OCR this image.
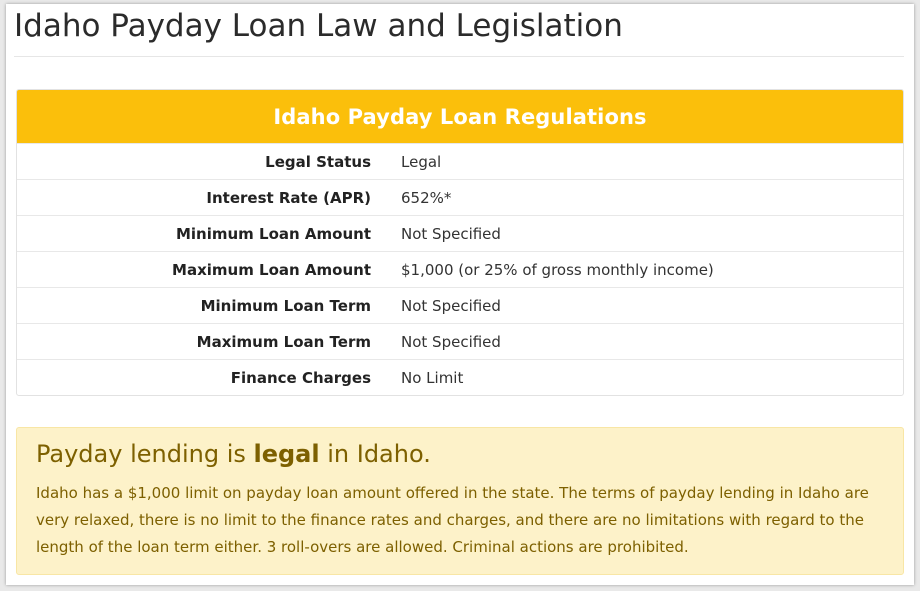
Idaho Payday Loan Law and Legislation
Idaho Payday Loan Regulations
Legal Status	Legal
Interest Rate (APR)	652%*
Minimum Loan Amount	Not Specified
Maximum Loan Amount	$1,000 (or 25% of gross monthly income)
Minimum Loan Term	Not Specified
Maximum Loan Term	Not Specified
Finance Charges	No Limit
Payday lending is legal in Idaho.

Idaho has a $1,000 limit on payday loan amount offered in the state. The terms of payday lending in Idaho are very relaxed, there is no limit to the finance rates and charges, and there are no limitations with regard to the length of the loan term either. 3 roll-overs are allowed. Criminal actions are prohibited.
